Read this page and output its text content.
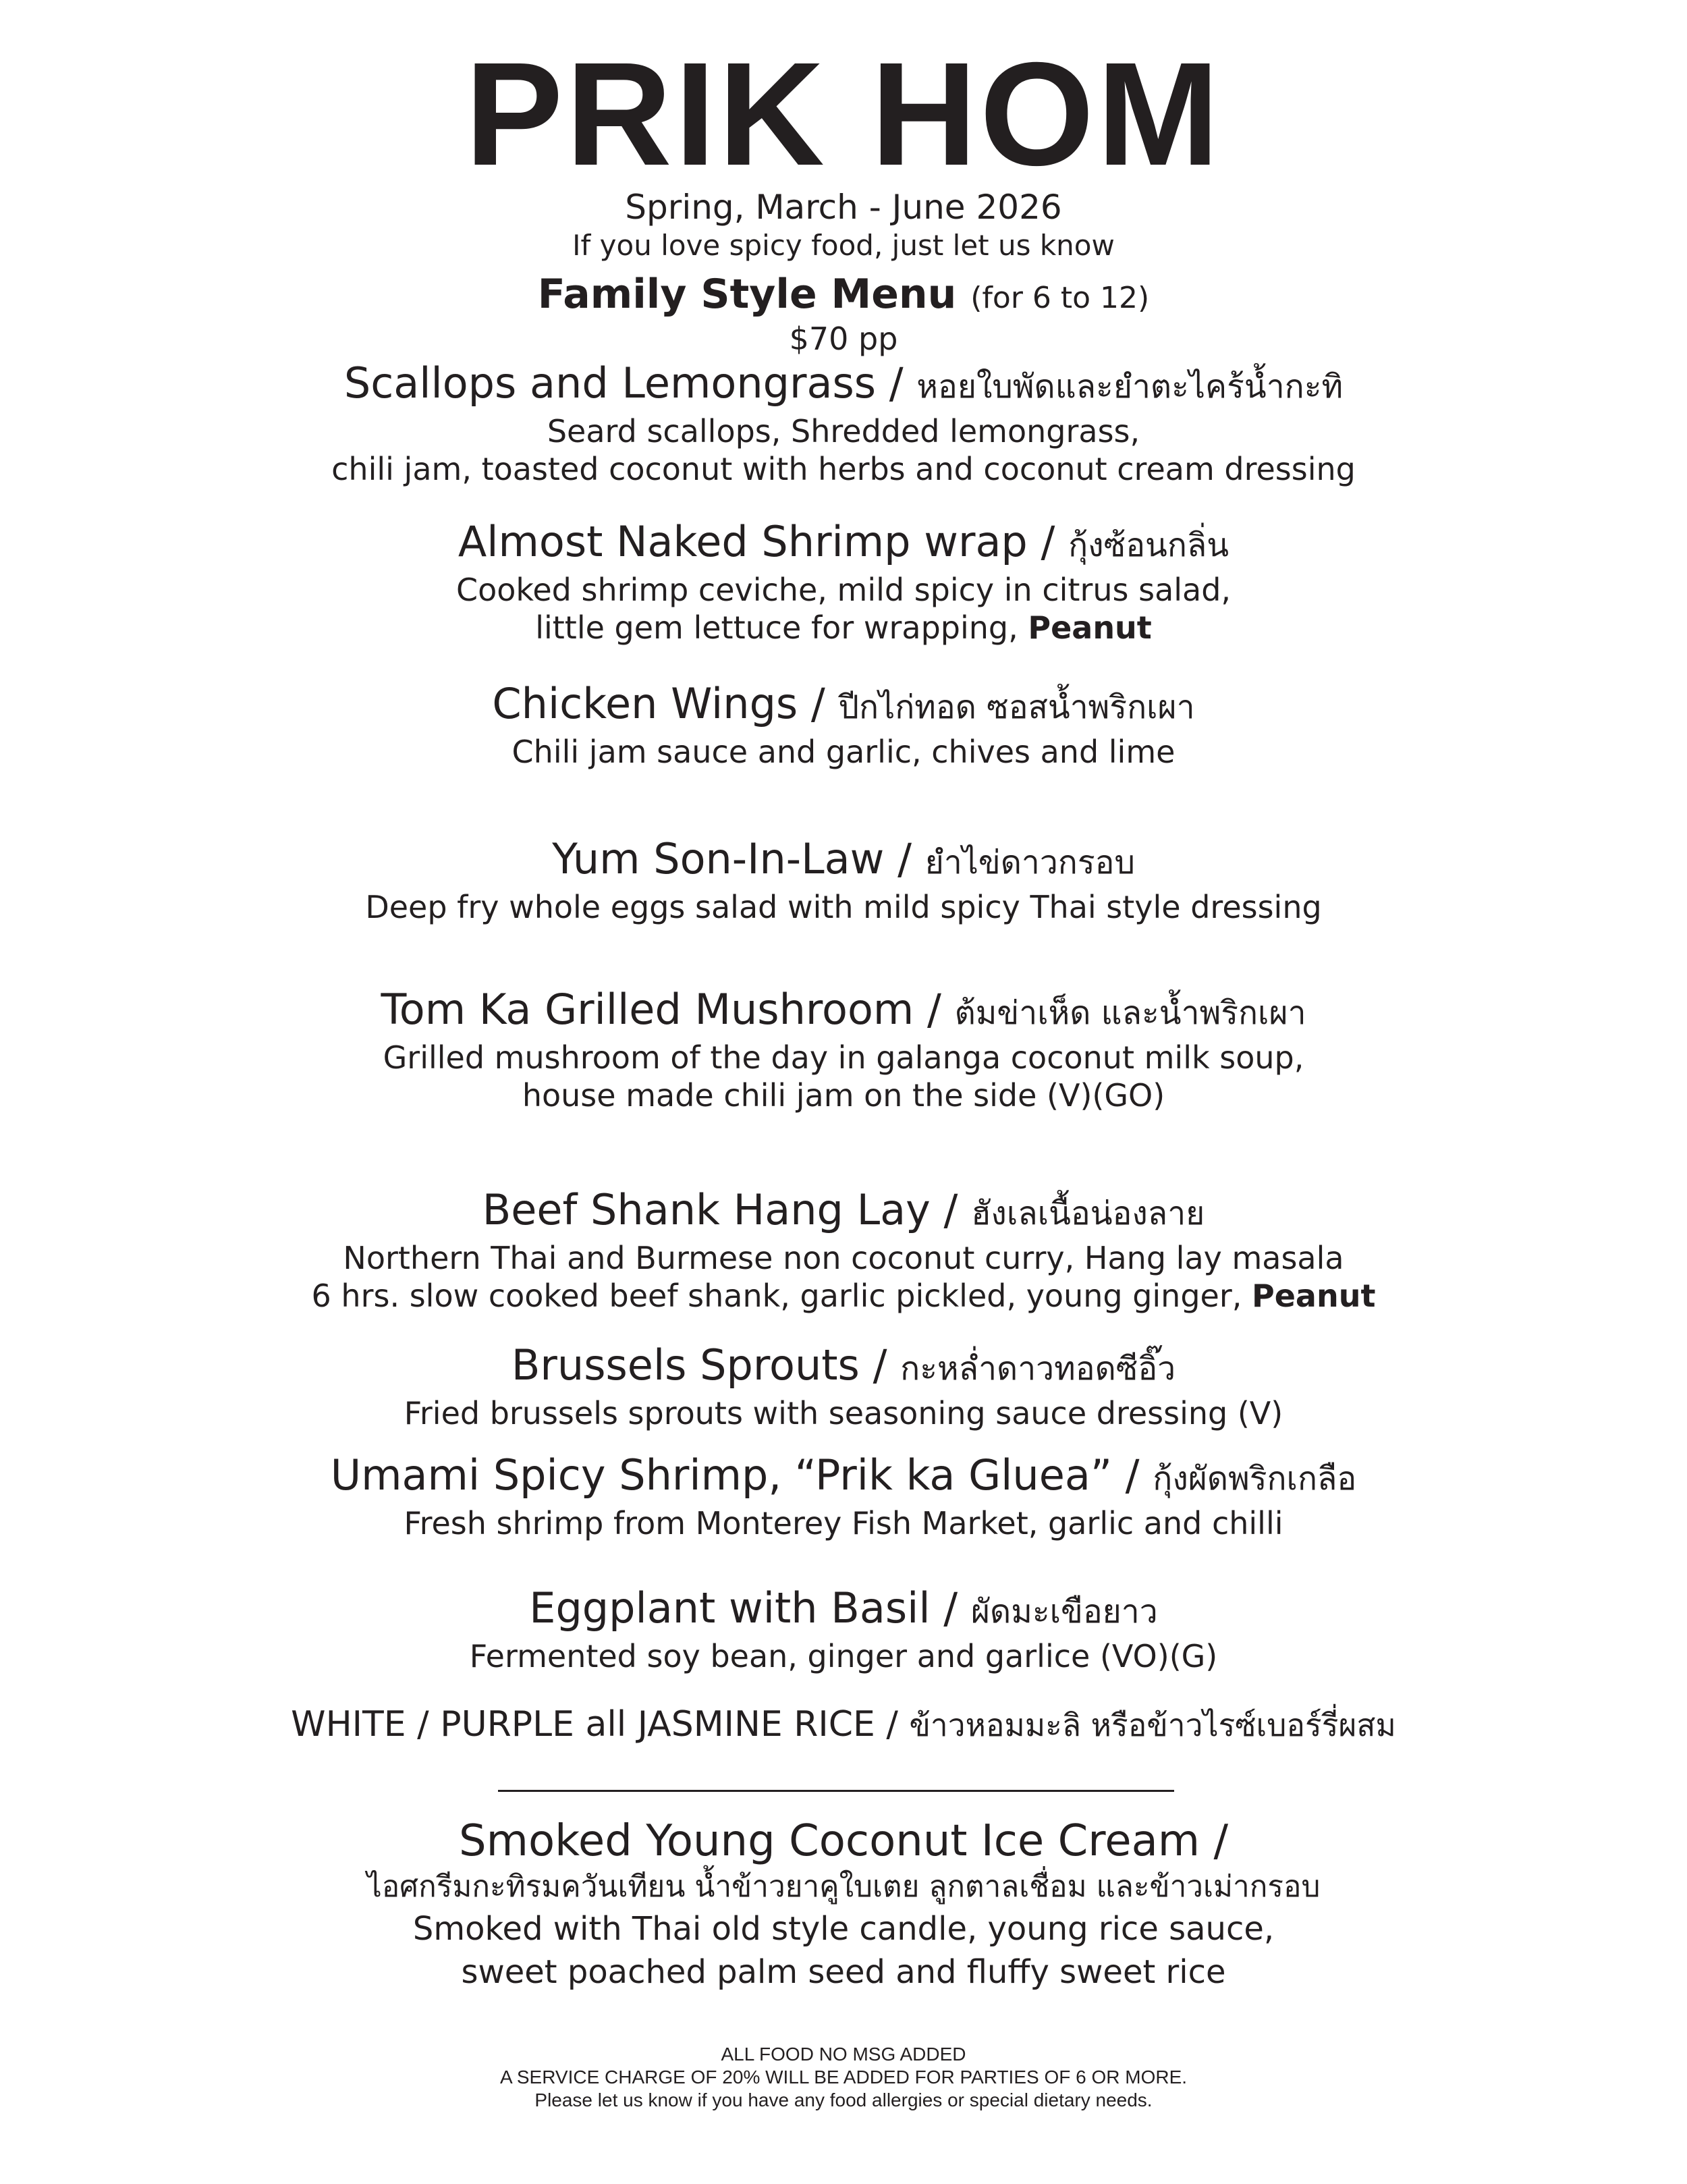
PRIK HOM
Spring, March - June 2026
If you love spicy food, just let us know
Family Style Menu (for 6 to 12)
$70 pp
Scallops and Lemongrass / หอยใบพัดและยำตะไคร้น้ำกะทิ
Seard scallops, Shredded lemongrass,
chili jam, toasted coconut with herbs and coconut cream dressing
Almost Naked Shrimp wrap / กุ้งซ้อนกลิ่น
Cooked shrimp ceviche, mild spicy in citrus salad,
little gem lettuce for wrapping, Peanut
Chicken Wings / ปีกไก่ทอด ซอสน้ำพริกเผา
Chili jam sauce and garlic, chives and lime
Yum Son-In-Law / ยำไข่ดาวกรอบ
Deep fry whole eggs salad with mild spicy Thai style dressing
Tom Ka Grilled Mushroom / ต้มข่าเห็ด และน้ำพริกเผา
Grilled mushroom of the day in galanga coconut milk soup,
house made chili jam on the side (V)(GO)
Beef Shank Hang Lay / ฮังเลเนื้อน่องลาย
Northern Thai and Burmese non coconut curry, Hang lay masala
6 hrs. slow cooked beef shank, garlic pickled, young ginger, Peanut
Brussels Sprouts / กะหล่ำดาวทอดซีอิ๊ว
Fried brussels sprouts with seasoning sauce dressing (V)
Umami Spicy Shrimp, “Prik ka Gluea” / กุ้งผัดพริกเกลือ
Fresh shrimp from Monterey Fish Market, garlic and chilli
Eggplant with Basil / ผัดมะเขือยาว
Fermented soy bean, ginger and garlice (VO)(G)
WHITE / PURPLE all JASMINE RICE / ข้าวหอมมะลิ หรือข้าวไรซ์เบอร์รี่ผสม
Smoked Young Coconut Ice Cream /
ไอศกรีมกะทิรมควันเทียน น้ำข้าวยาคูใบเตย ลูกตาลเชื่อม และข้าวเม่ากรอบ
Smoked with Thai old style candle, young rice sauce,
sweet poached palm seed and fluffy sweet rice
ALL FOOD NO MSG ADDED
A SERVICE CHARGE OF 20% WILL BE ADDED FOR PARTIES OF 6 OR MORE.
Please let us know if you have any food allergies or special dietary needs.
